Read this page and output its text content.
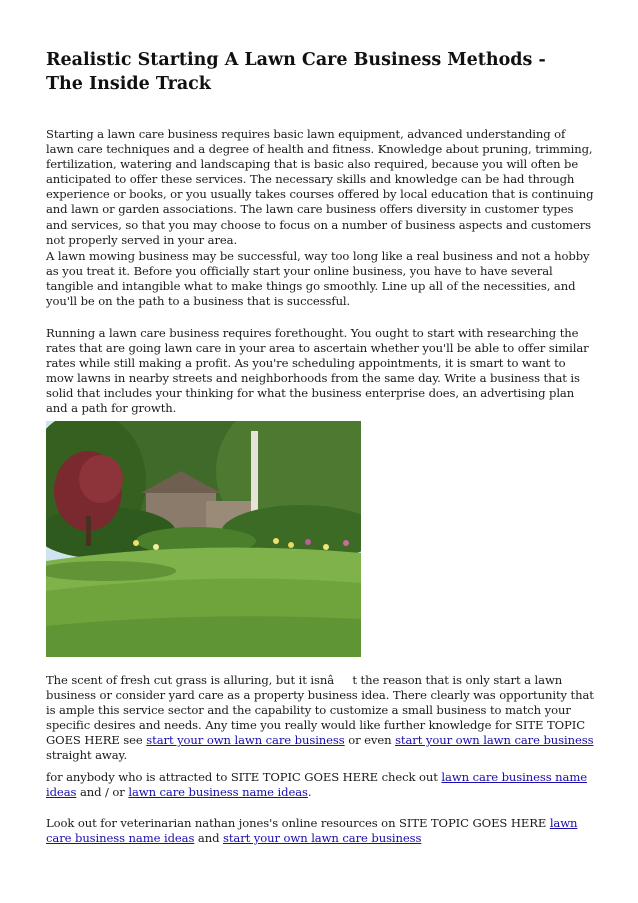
Realistic Starting A Lawn Care Business Methods - The Inside Track

Starting a lawn care business requires basic lawn equipment, advanced understanding of lawn care techniques and a degree of health and fitness. Knowledge about pruning, trimming, fertilization, watering and landscaping that is basic also required, because you will often be anticipated to offer these services. The necessary skills and knowledge can be had through experience or books, or you usually takes courses offered by local education that is continuing and lawn or garden associations. The lawn care business offers diversity in customer types and services, so that you may choose to focus on a number of business aspects and customers not properly served in your area.

A lawn mowing business may be successful, way too long like a real business and not a hobby as you treat it. Before you officially start your online business, you have to have several tangible and intangible what to make things go smoothly. Line up all of the necessities, and you'll be on the path to a business that is successful.

Running a lawn care business requires forethought. You ought to start with researching the rates that are going lawn care in your area to ascertain whether you'll be able to offer similar rates while still making a profit. As you're scheduling appointments, it is smart to want to mow lawns in nearby streets and neighborhoods from the same day. Write a business that is solid that includes your thinking for what the business enterprise does, an advertising plan and a path for growth.

The scent of fresh cut grass is alluring, but it isnât the reason that is only start a lawn business or consider yard care as a property business idea. There clearly was opportunity that is ample this service sector and the capability to customize a small business to match your specific desires and needs. Any time you really would like further knowledge for SITE TOPIC GOES HERE see start your own lawn care business or even start your own lawn care business straight away.

for anybody who is attracted to SITE TOPIC GOES HERE check out lawn care business name ideas and / or lawn care business name ideas.

Look out for veterinarian nathan jones's online resources on SITE TOPIC GOES HERE lawn care business name ideas and start your own lawn care business
